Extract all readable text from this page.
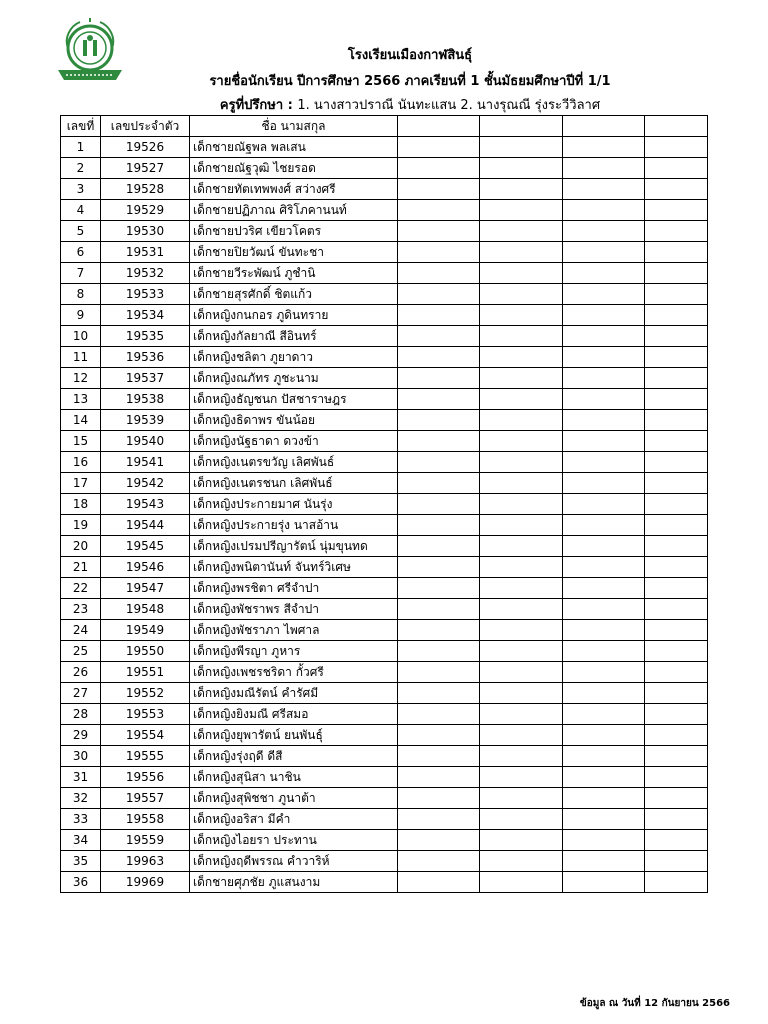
โรงเรียนเมืองกาฬสินธุ์
รายชื่อนักเรียน ปีการศึกษา 2566 ภาคเรียนที่ 1 ชั้นมัธยมศึกษาปีที่ 1/1
ครูที่ปรึกษา : 1. นางสาวปราณี นันทะแสน 2. นางรุณณี รุ่งระวีวิลาศ
เลขที่	เลขประจำตัว	ชื่อ นามสกุล				
1	19526	เด็กชายณัฐพล พลเสน				
2	19527	เด็กชายณัฐวุฒิ ไชยรอด				
3	19528	เด็กชายทัตเทพพงศ์ สว่างศรี				
4	19529	เด็กชายปฏิภาณ ศิริโภคานนท์				
5	19530	เด็กชายปวริศ เขียวโคตร				
6	19531	เด็กชายปิยวัฒน์ ขันทะชา				
7	19532	เด็กชายวีระพัฒน์ ภูชำนิ				
8	19533	เด็กชายสุรศักดิ์ ชิตแก้ว				
9	19534	เด็กหญิงกนกอร ภูดินทราย				
10	19535	เด็กหญิงกัลยาณี สีอินทร์				
11	19536	เด็กหญิงชลิตา ภูยาดาว				
12	19537	เด็กหญิงณภัทร ภูชะนาม				
13	19538	เด็กหญิงธัญชนก ปัสชาราษฎร				
14	19539	เด็กหญิงธิดาพร ขันน้อย				
15	19540	เด็กหญิงนัฐธาดา ดวงข้า				
16	19541	เด็กหญิงเนตรขวัญ เลิศพันธ์				
17	19542	เด็กหญิงเนตรชนก เลิศพันธ์				
18	19543	เด็กหญิงประกายมาศ นันรุ่ง				
19	19544	เด็กหญิงประกายรุ่ง นาสอ้าน				
20	19545	เด็กหญิงเปรมปรีญารัตน์ นุ่มขุนทด				
21	19546	เด็กหญิงพนิตานันท์ จันทร์วิเศษ				
22	19547	เด็กหญิงพรชิตา ศรีจำปา				
23	19548	เด็กหญิงพัชราพร สีจำปา				
24	19549	เด็กหญิงพัชราภา ไพศาล				
25	19550	เด็กหญิงพีรญา ภูหาร				
26	19551	เด็กหญิงเพชรชริดา กั้วศรี				
27	19552	เด็กหญิงมณีรัตน์ คำรัศมี				
28	19553	เด็กหญิงยิงมณี ศรีสมอ				
29	19554	เด็กหญิงยุพารัตน์ ยนพันธุ์				
30	19555	เด็กหญิงรุ่งฤดี ดีสี				
31	19556	เด็กหญิงสุนิสา นาชิน				
32	19557	เด็กหญิงสุพิชชา ภูนาต้า				
33	19558	เด็กหญิงอริสา มีคำ				
34	19559	เด็กหญิงไอยรา ประทาน				
35	19963	เด็กหญิงฤดีพรรณ คำวาริห์				
36	19969	เด็กชายศุภชัย ภูแสนงาม				
ข้อมูล ณ วันที่ 12 กันยายน 2566
